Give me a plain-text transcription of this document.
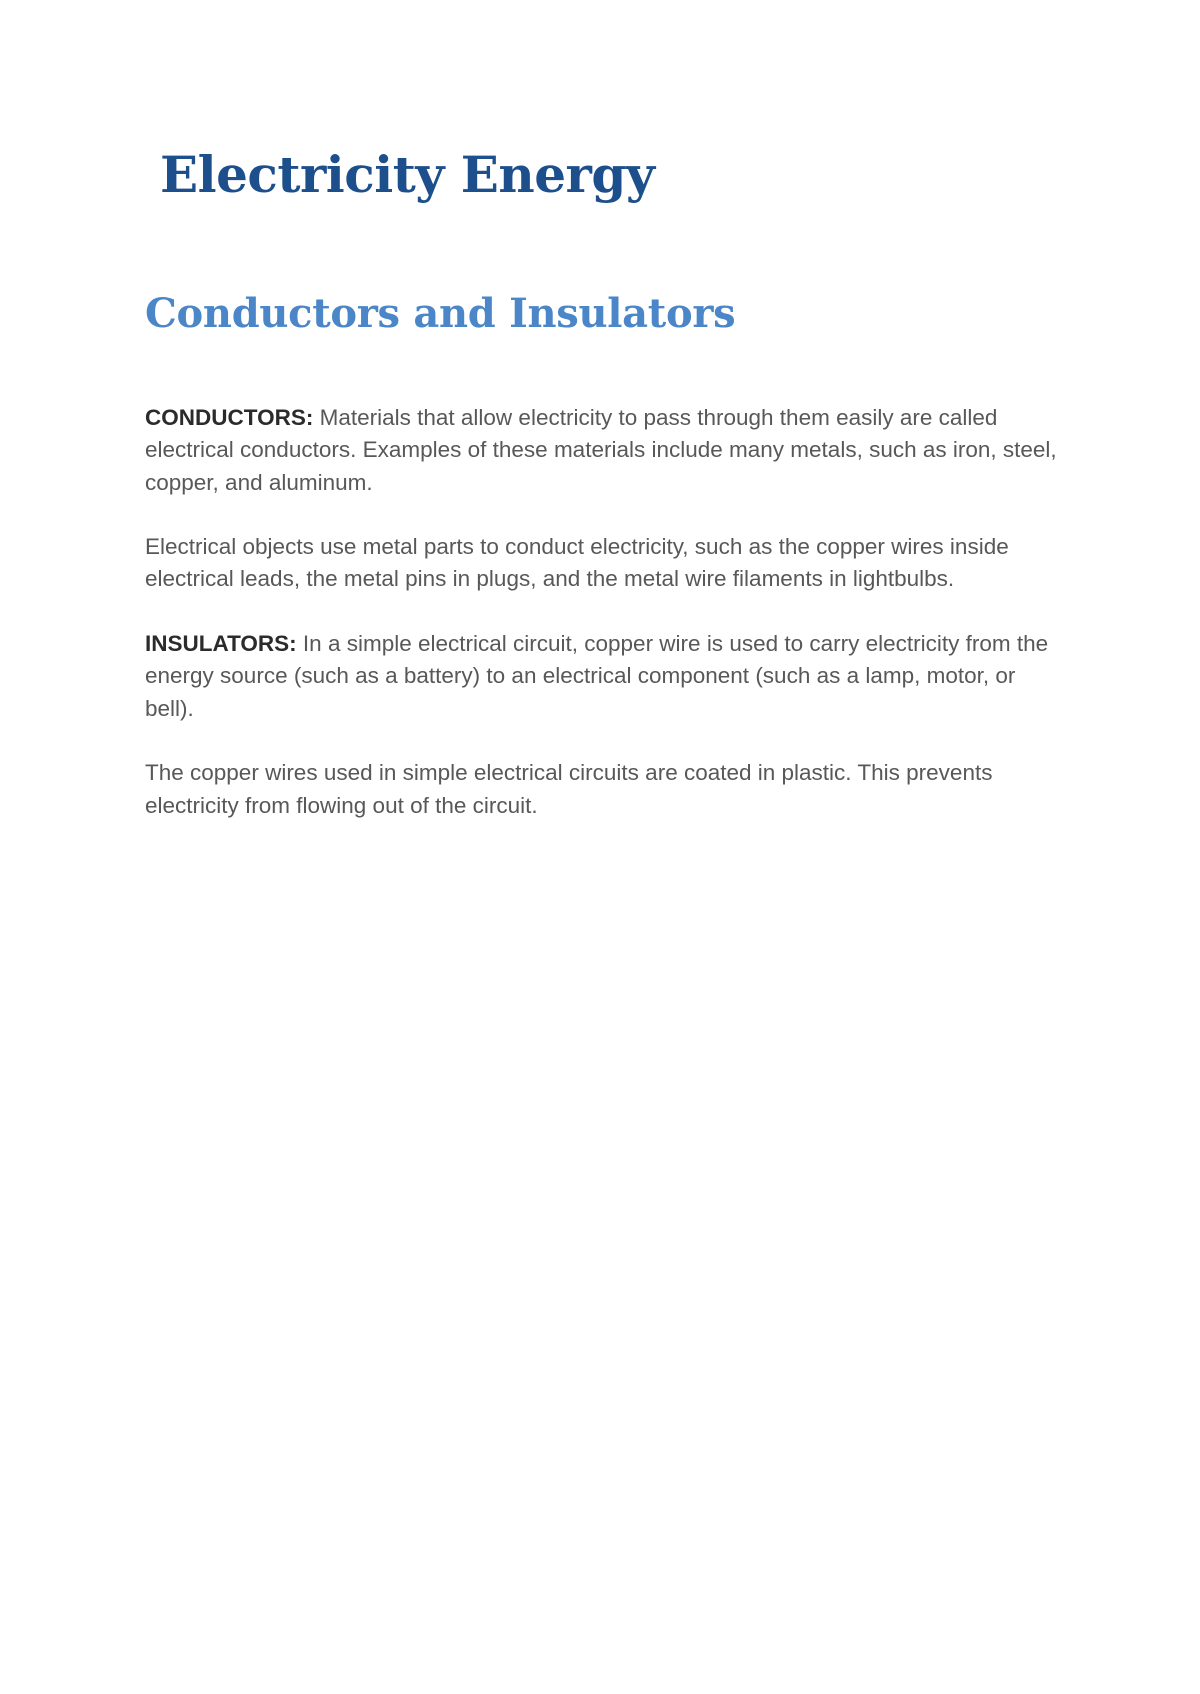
Electricity Energy
Conductors and Insulators

CONDUCTORS: Materials that allow electricity to pass through them easily are called electrical conductors. Examples of these materials include many metals, such as iron, steel, copper, and aluminum.

Electrical objects use metal parts to conduct electricity, such as the copper wires inside electrical leads, the metal pins in plugs, and the metal wire filaments in lightbulbs.

INSULATORS: In a simple electrical circuit, copper wire is used to carry electricity from the energy source (such as a battery) to an electrical component (such as a lamp, motor, or bell).

The copper wires used in simple electrical circuits are coated in plastic. This prevents electricity from flowing out of the circuit.
